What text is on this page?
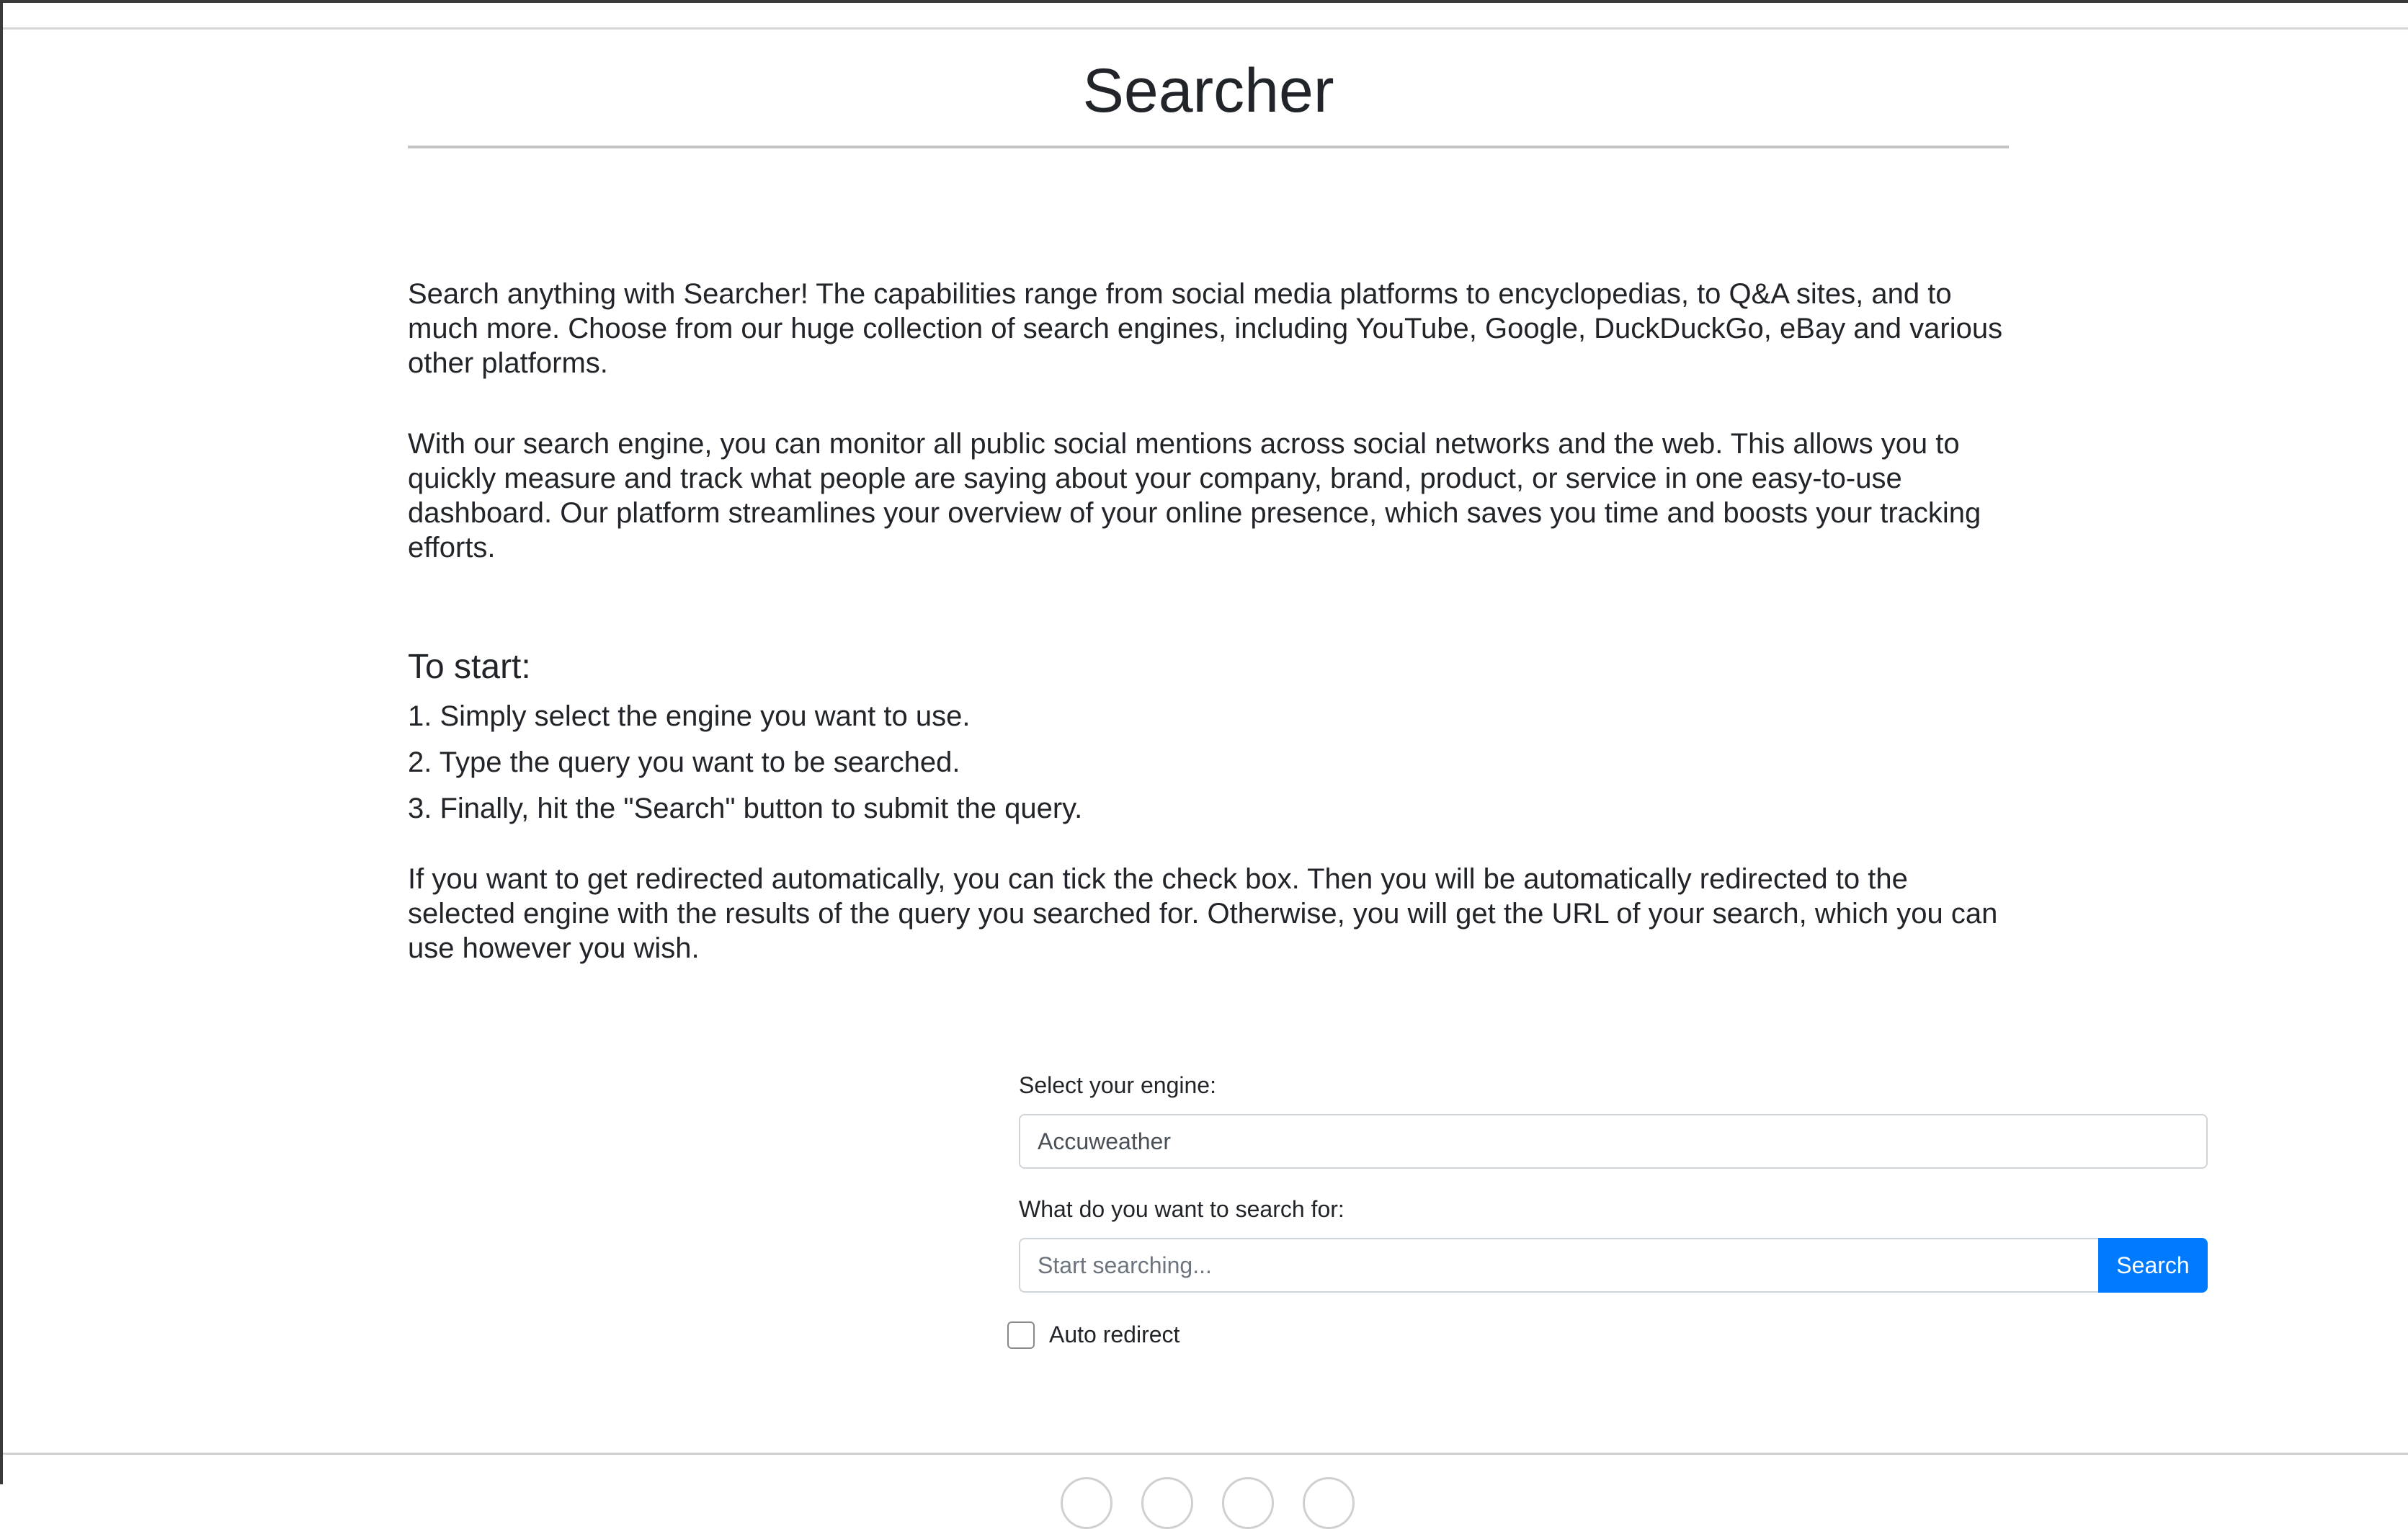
Searcher

Search anything with Searcher! The capabilities range from social media platforms to encyclopedias, to Q&A sites, and to much more. Choose from our huge collection of search engines, including YouTube, Google, DuckDuckGo, eBay and various other platforms.

With our search engine, you can monitor all public social mentions across social networks and the web. This allows you to quickly measure and track what people are saying about your company, brand, product, or service in one easy-to-use dashboard. Our platform streamlines your overview of your online presence, which saves you time and boosts your tracking efforts.

To start:
1. Simply select the engine you want to use.
2. Type the query you want to be searched.
3. Finally, hit the "Search" button to submit the query.

If you want to get redirected automatically, you can tick the check box. Then you will be automatically redirected to the selected engine with the results of the query you searched for. Otherwise, you will get the URL of your search, which you can use however you wish.

Select your engine:
Accuweather
What do you want to search for:
Start searching...
Search
Auto redirect
